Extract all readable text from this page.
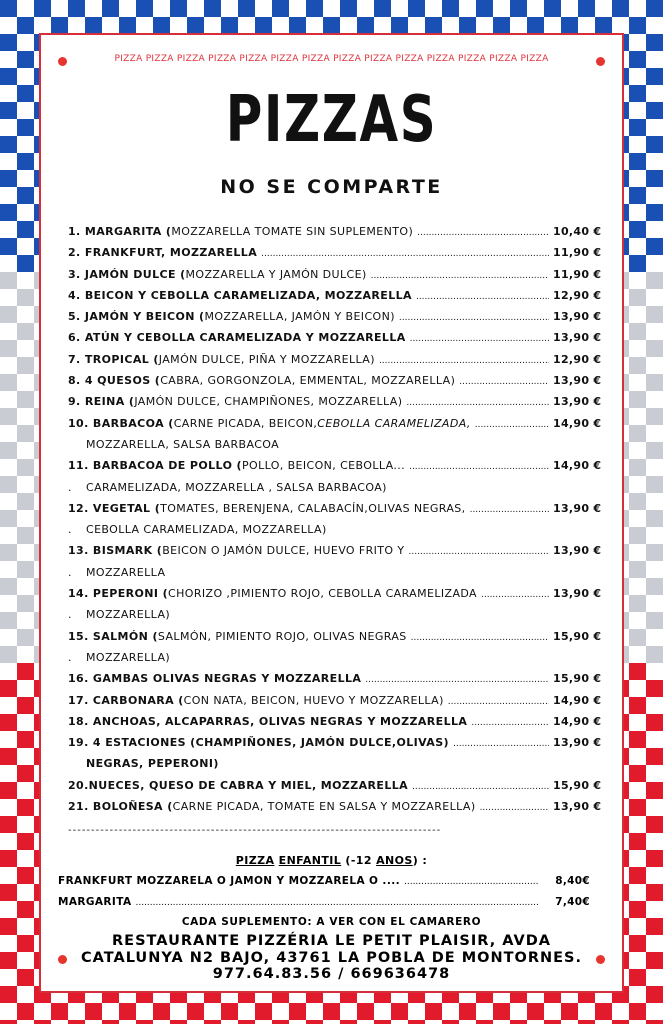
PIZZA PIZZA PIZZA PIZZA PIZZA PIZZA PIZZA PIZZA PIZZA PIZZA PIZZA PIZZA PIZZA PIZZA
PIZZAS
NO SE COMPARTE
1. MARGARITA ( MOZZARELLA TOMATE SIN SUPLEMENTO) .....	10,40 €
2. FRANKFURT, MOZZARELLA .....	11,90 €
3. JAMÓN DULCE ( MOZZARELLA Y JAMÓN DULCE) .....	11,90 €
4. BEICON Y CEBOLLA CARAMELIZADA, MOZZARELLA .....	12,90 €
5. JAMÓN Y BEICON ( MOZZARELLA, JAMÓN Y BEICON) .....	13,90 €
6. ATÚN Y CEBOLLA CARAMELIZADA Y MOZZARELLA .....	13,90 €
7. TROPICAL ( JAMÓN DULCE, PIÑA Y MOZZARELLA) .....	12,90 €
8. 4 QUESOS ( CABRA, GORGONZOLA, EMMENTAL, MOZZARELLA) .....	13,90 €
9. REINA ( JAMÓN DULCE, CHAMPIÑONES, MOZZARELLA) .....	13,90 €
10. BARBACOA ( CARNE PICADA, BEICON, CEBOLLA CARAMELIZADA, .....	14,90 €
MOZZARELLA, SALSA BARBACOA
11. BARBACOA DE POLLO ( POLLO, BEICON, CEBOLLA... .....	14,90 €
. CARAMELIZADA, MOZZARELLA , SALSA BARBACOA)
12. VEGETAL ( TOMATES, BERENJENA, CALABACÍN,OLIVAS NEGRAS, .....	13,90 €
. CEBOLLA CARAMELIZADA, MOZZARELLA)
13. BISMARK ( BEICON O JAMÓN DULCE, HUEVO FRITO Y .....	13,90 €
. MOZZARELLA
14. PEPERONI ( CHORIZO ,PIMIENTO ROJO, CEBOLLA CARAMELIZADA .....	13,90 €
. MOZZARELLA)
15. SALMÓN ( SALMÓN, PIMIENTO ROJO, OLIVAS NEGRAS .....	15,90 €
. MOZZARELLA)
16. GAMBAS OLIVAS NEGRAS Y MOZZARELLA .....	15,90 €
17. CARBONARA ( CON NATA, BEICON, HUEVO Y MOZZARELLA) .....	14,90 €
18. ANCHOAS, ALCAPARRAS, OLIVAS NEGRAS Y MOZZARELLA .....	14,90 €
19. 4 ESTACIONES (CHAMPIÑONES, JAMÓN DULCE,OLIVAS) .....	13,90 €
NEGRAS, PEPERONI)
20.NUECES, QUESO DE CABRA Y MIEL, MOZZARELLA .....	15,90 €
21. BOLOÑESA ( CARNE PICADA, TOMATE EN SALSA Y MOZZARELLA) .....	13,90 €
---------------------------------------------------------------------------------
PIZZA ENFANTIL (-12 ANOS) :
FRANKFURT MOZZARELA O JAMÓN Y MOZZARELA O .... .....	8,40€
MARGARITA .....	7,40€
CADA SUPLEMENTO: A VER CON EL CAMARERO
RESTAURANTE PIZZÉRIA LE PETIT PLAISIR, AVDA
CATALUNYA N2 BAJO, 43761 LA POBLA DE MONTORNES.
977.64.83.56 / 669636478
